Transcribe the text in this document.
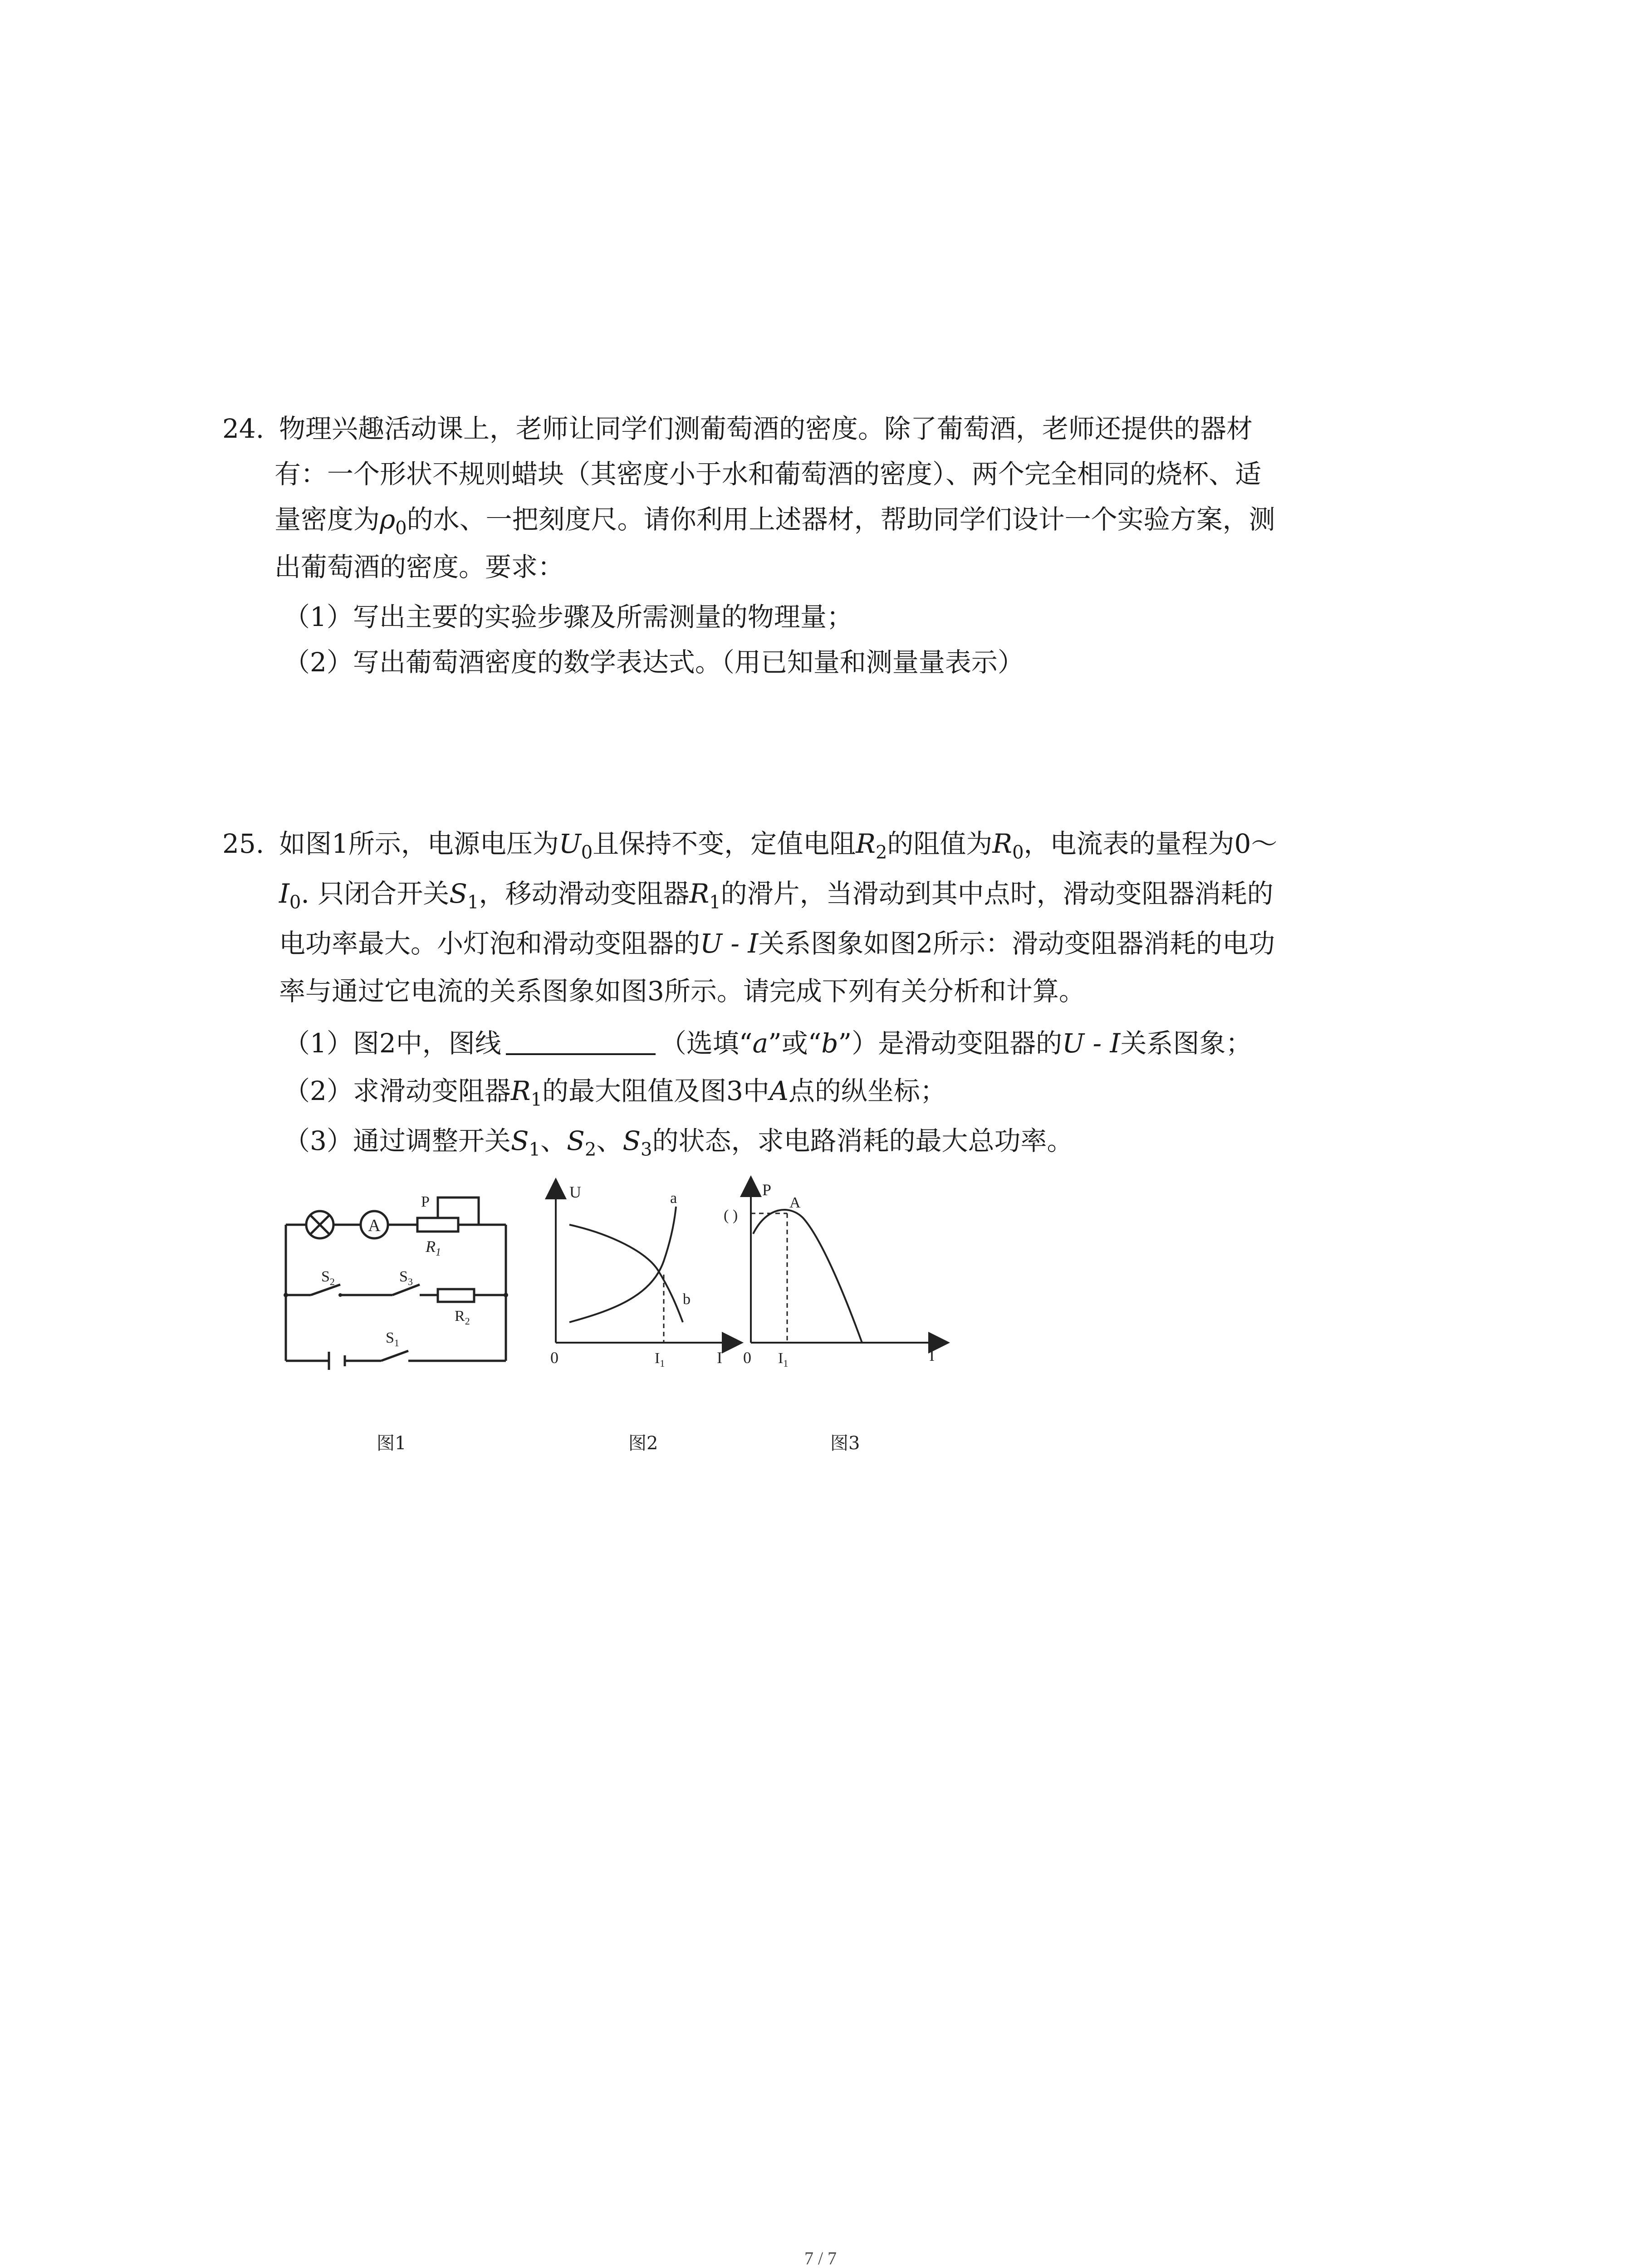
24. 物理兴趣活动课上，老师让同学们测葡萄酒的密度。除了葡萄酒，老师还提供的器材
有：一个形状不规则蜡块（其密度小于水和葡萄酒的密度）、两个完全相同的烧杯、适
量密度为$\rho_0$的水、一把刻度尺。请你利用上述器材，帮助同学们设计一个实验方案，测
出葡萄酒的密度。要求：
（1）写出主要的实验步骤及所需测量的物理量；
（2）写出葡萄酒密度的数学表达式。（用已知量和测量量表示）
25. 如图1所示，电源电压为$U_0$且保持不变，定值电阻$R_2$的阻值为$R_0$，电流表的量程为0～
$I_0$. 只闭合开关$S_1$，移动滑动变阻器$R_1$的滑片，当滑动到其中点时，滑动变阻器消耗的
电功率最大。小灯泡和滑动变阻器的U - I关系图象如图2所示：滑动变阻器消耗的电功
率与通过它电流的关系图象如图3所示。请完成下列有关分析和计算。
（1）图2中，图线	（选填“a”或“b”）是滑动变阻器的U - I关系图象；
（2）求滑动变阻器$R_1$的最大阻值及图3中A点的纵坐标；
（3）通过调整开关$S_1$、$S_2$、$S_3$的状态，求电路消耗的最大总功率。
A
P
$R_1$
$S_2$	$S_3$
$R_2$
$S_1$
图1
U
I
0
a
b
$I_1$
图2
P
I
0
( )
A
$I_1$
图3
7 / 7
